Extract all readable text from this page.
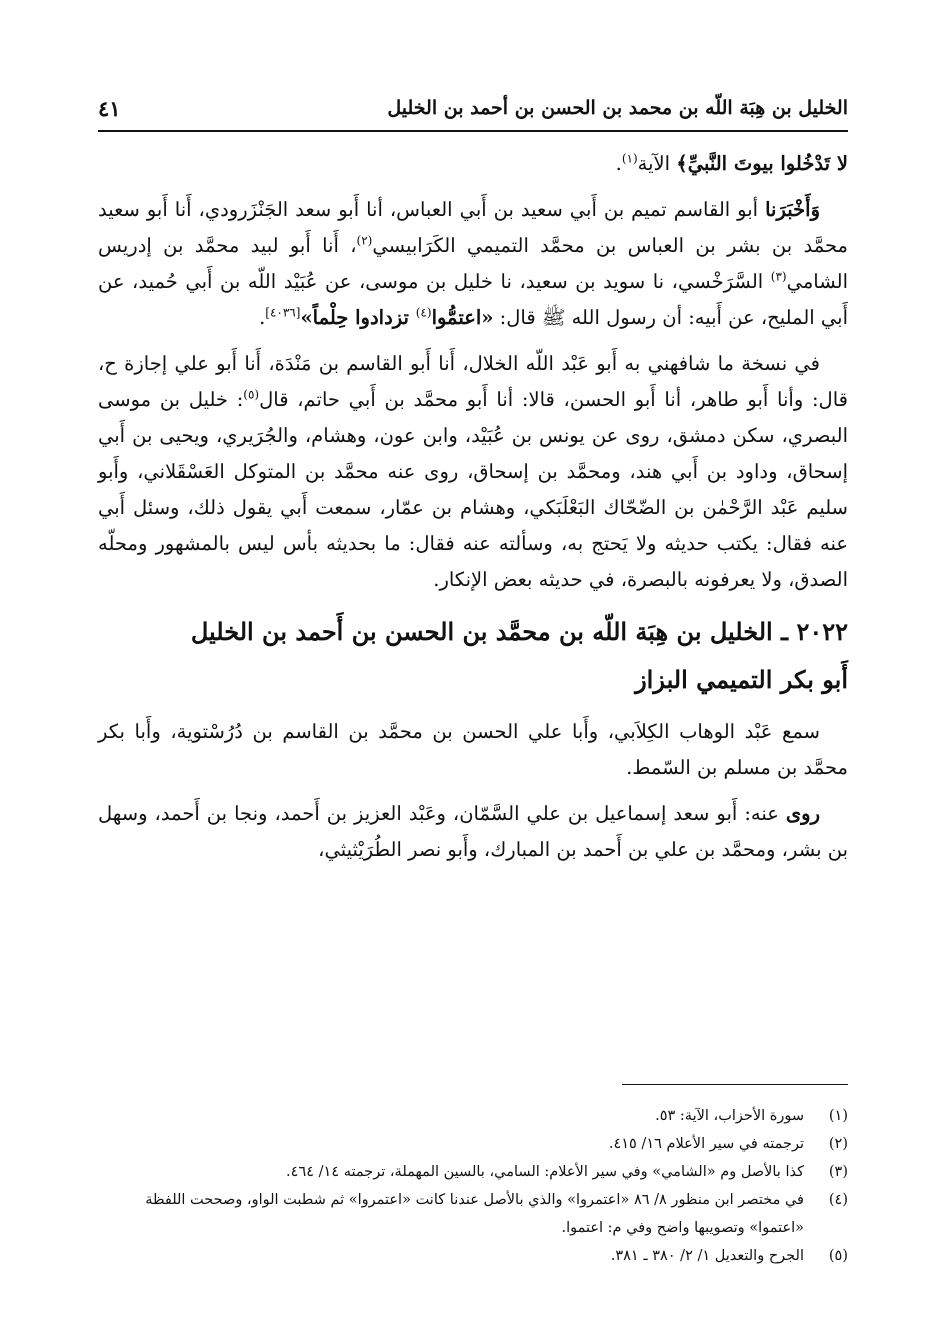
الخليل بن هِبَة اللّه بن محمد بن الحسن بن أحمد بن الخليل
٤١

لا تَدْخُلوا بيوتَ النَّبيِّ﴾ الآية$^{(١)}$.

وَأَخْبَرَنا أبو القاسم تميم بن أَبي سعيد بن أَبي العباس، أنا أَبو سعد الجَنْزَرودي، أَنا أَبو سعيد محمَّد بن بشر بن العباس بن محمَّد التميمي الكَرَابيسي$^{(٢)}$، أَنا أَبو لبيد محمَّد بن إدريس الشامي$^{(٣)}$ السَّرَخْسي، نا سويد بن سعيد، نا خليل بن موسى، عن عُبَيْد اللّه بن أَبي حُميد، عن أَبي المليح، عن أَبيه: أن رسول الله ﷺ قال: «اعتمُّوا$^{(٤)}$ تزدادوا حِلْماً»[٤٠٣٦].

في نسخة ما شافهني به أَبو عَبْد اللّه الخلال، أَنا أَبو القاسم بن مَنْدَة، أَنا أَبو علي إجازة ح، قال: وأنا أَبو طاهر، أنا أَبو الحسن، قالا: أنا أَبو محمَّد بن أَبي حاتم، قال$^{(٥)}$: خليل بن موسى البصري، سكن دمشق، روى عن يونس بن عُبَيْد، وابن عون، وهشام، والجُرَيري، ويحيى بن أَبي إسحاق، وداود بن أَبي هند، ومحمَّد بن إسحاق، روى عنه محمَّد بن المتوكل العَسْقَلاني، وأَبو سليم عَبْد الرَّحْمٰن بن الضّحّاك البَعْلَبَكي، وهشام بن عمّار، سمعت أَبي يقول ذلك، وسئل أَبي عنه فقال: يكتب حديثه ولا يَحتج به، وسألته عنه فقال: ما بحديثه بأس ليس بالمشهور ومحلّه الصدق، ولا يعرفونه بالبصرة، في حديثه بعض الإنكار.

٢٠٢٢ ـ الخليل بن هِبَة اللّه بن محمَّد بن الحسن بن أَحمد بن الخليل
أَبو بكر التميمي البزاز

سمع عَبْد الوهاب الكِلاَبي، وأَبا علي الحسن بن محمَّد بن القاسم بن دُرُسْتوية، وأَبا بكر محمَّد بن مسلم بن السّمط.

روى عنه: أَبو سعد إسماعيل بن علي السَّمّان، وعَبْد العزيز بن أَحمد، ونجا بن أَحمد، وسهل بن بشر، ومحمَّد بن علي بن أَحمد بن المبارك، وأَبو نصر الطُرَيْثيثي،

(١)
سورة الأحزاب، الآية: ٥٣.
(٢)
ترجمته في سير الأعلام ١٦/ ٤١٥.
(٣)
كذا بالأصل وم «الشامي» وفي سير الأعلام: السامي، بالسين المهملة، ترجمته ١٤/ ٤٦٤.
(٤)
في مختصر ابن منظور ٨/ ٨٦ «اعتمروا» والذي بالأصل عندنا كانت «اعتمروا» ثم شطبت الواو، وصححت اللفظة «اعتموا» وتصويبها واضح وفي م: اعتموا.
(٥)
الجرح والتعديل ١/ ٢/ ٣٨٠ ـ ٣٨١.
